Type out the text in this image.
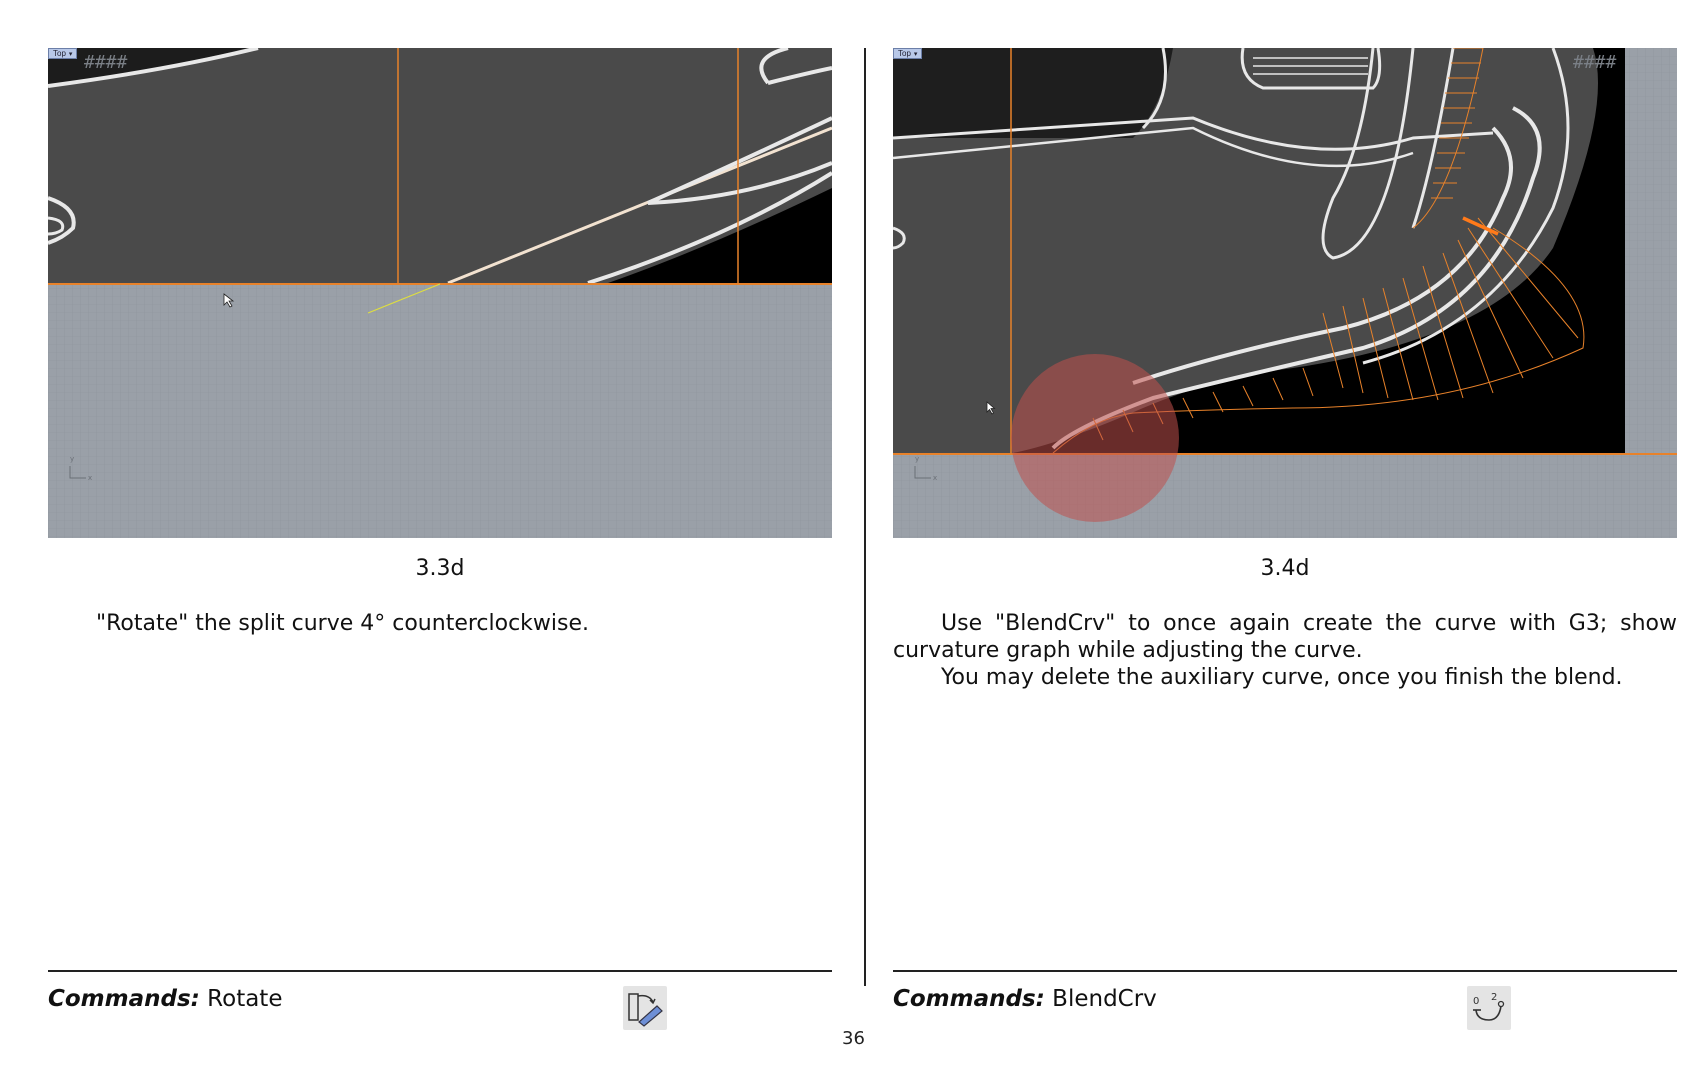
y
x
####
Top ▾
y
x
####
Top ▾
3.3d	3.4d

"Rotate" the split curve 4° counterclockwise.	Use "BlendCrv" to once again create the curve with G3; show curvature graph while adjusting the curve.

You may delete the auxiliary curve, once you finish the blend.

Commands: Rotate	Commands: BlendCrv	0 2
36
